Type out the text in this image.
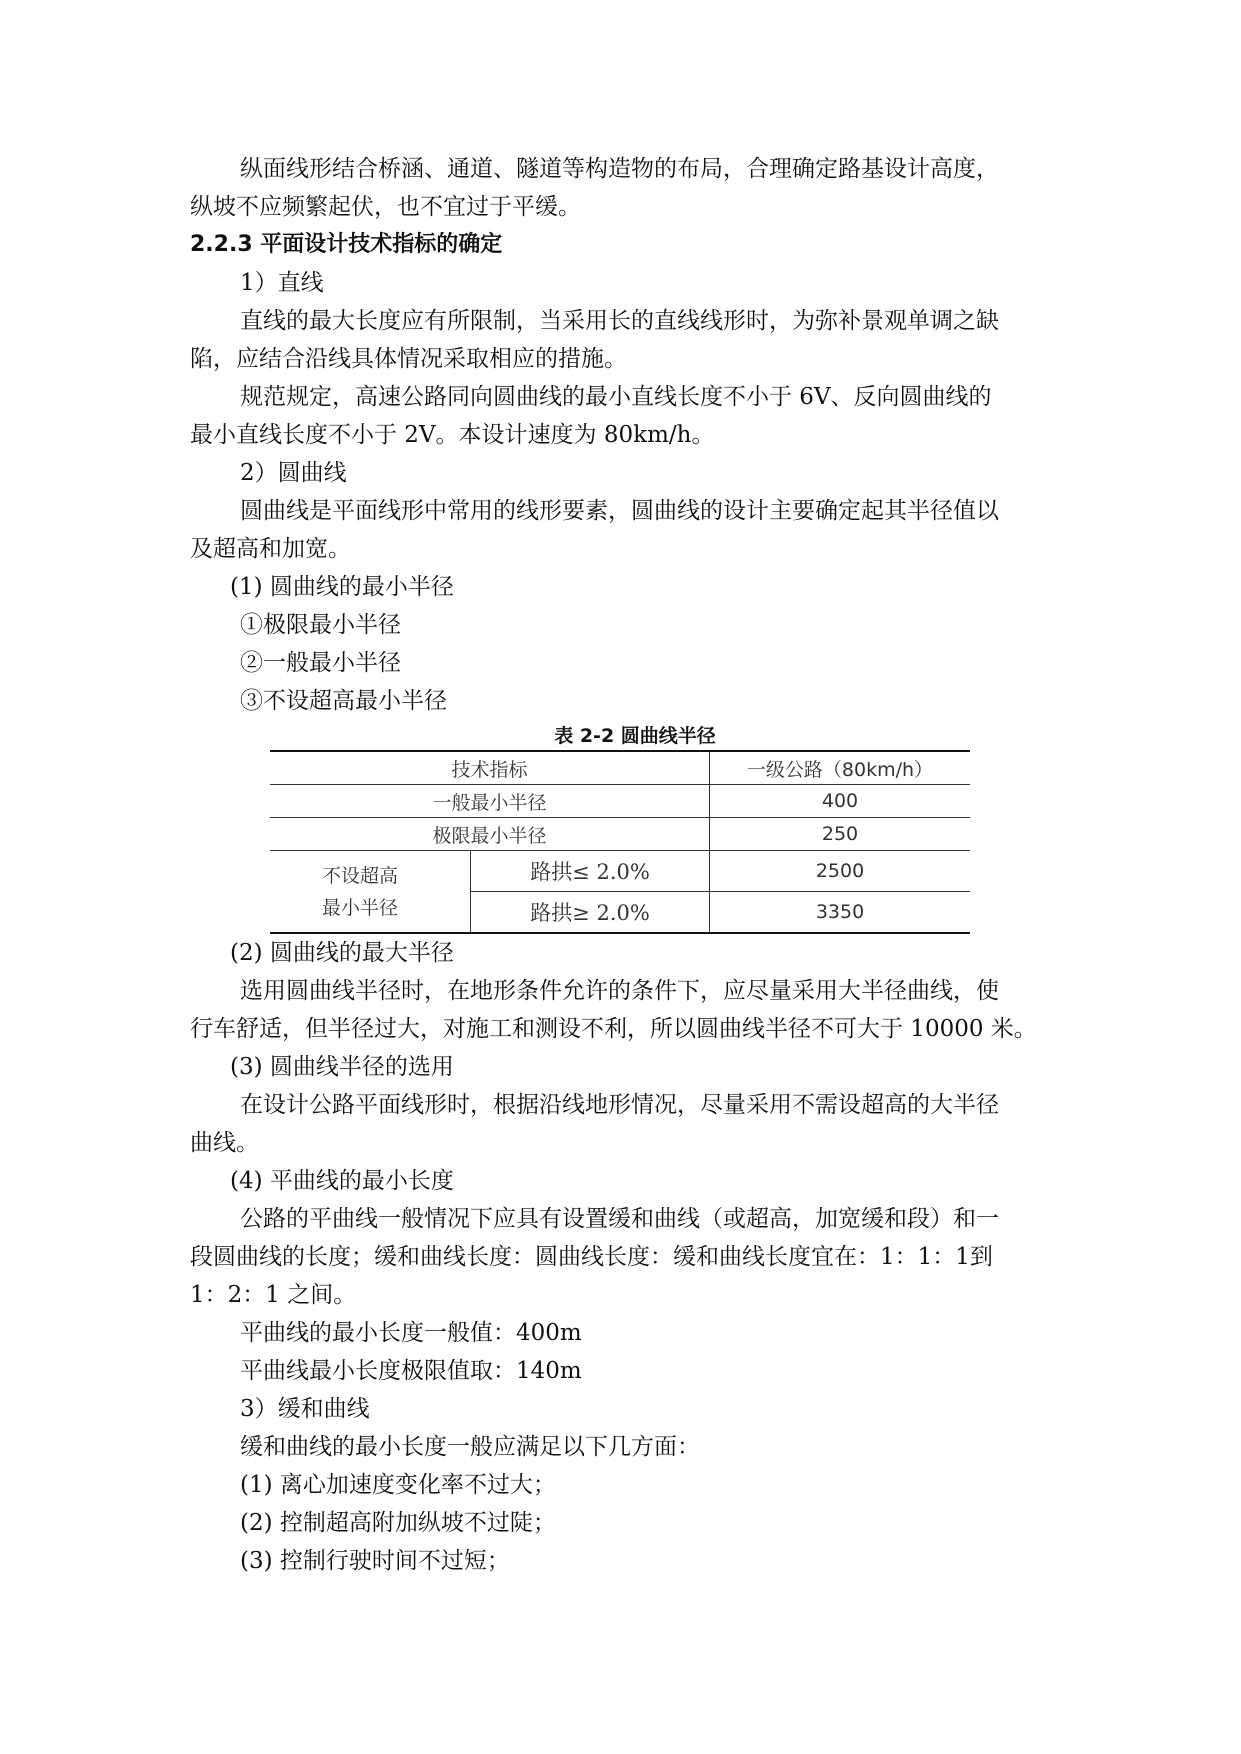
纵面线形结合桥涵、通道、隧道等构造物的布局，合理确定路基设计高度，

纵坡不应频繁起伏，也不宜过于平缓。

2.2.3 平面设计技术指标的确定

1）直线

直线的最大长度应有所限制，当采用长的直线线形时，为弥补景观单调之缺

陷，应结合沿线具体情况采取相应的措施。

规范规定，高速公路同向圆曲线的最小直线长度不小于 6V、反向圆曲线的

最小直线长度不小于 2V。本设计速度为 80km/h。

2）圆曲线

圆曲线是平面线形中常用的线形要素，圆曲线的设计主要确定起其半径值以

及超高和加宽。

(1) 圆曲线的最小半径

①极限最小半径

②一般最小半径

③不设超高最小半径

表 2-2 圆曲线半径

技术指标		一级公路（80km/h）
一般最小半径		400
极限最小半径		250

不设超高
最小半径	路拱≤ 2.0%	2500
	路拱≥ 2.0%	3350

(2) 圆曲线的最大半径

选用圆曲线半径时，在地形条件允许的条件下，应尽量采用大半径曲线，使

行车舒适，但半径过大，对施工和测设不利，所以圆曲线半径不可大于 10000 米。

(3) 圆曲线半径的选用

在设计公路平面线形时，根据沿线地形情况，尽量采用不需设超高的大半径

曲线。

(4) 平曲线的最小长度

公路的平曲线一般情况下应具有设置缓和曲线（或超高，加宽缓和段）和一

段圆曲线的长度；缓和曲线长度：圆曲线长度：缓和曲线长度宜在：1：1：1到

1：2：1 之间。

平曲线的最小长度一般值：400m

平曲线最小长度极限值取：140m

3）缓和曲线

缓和曲线的最小长度一般应满足以下几方面：

(1) 离心加速度变化率不过大；

(2) 控制超高附加纵坡不过陡；

(3) 控制行驶时间不过短；
